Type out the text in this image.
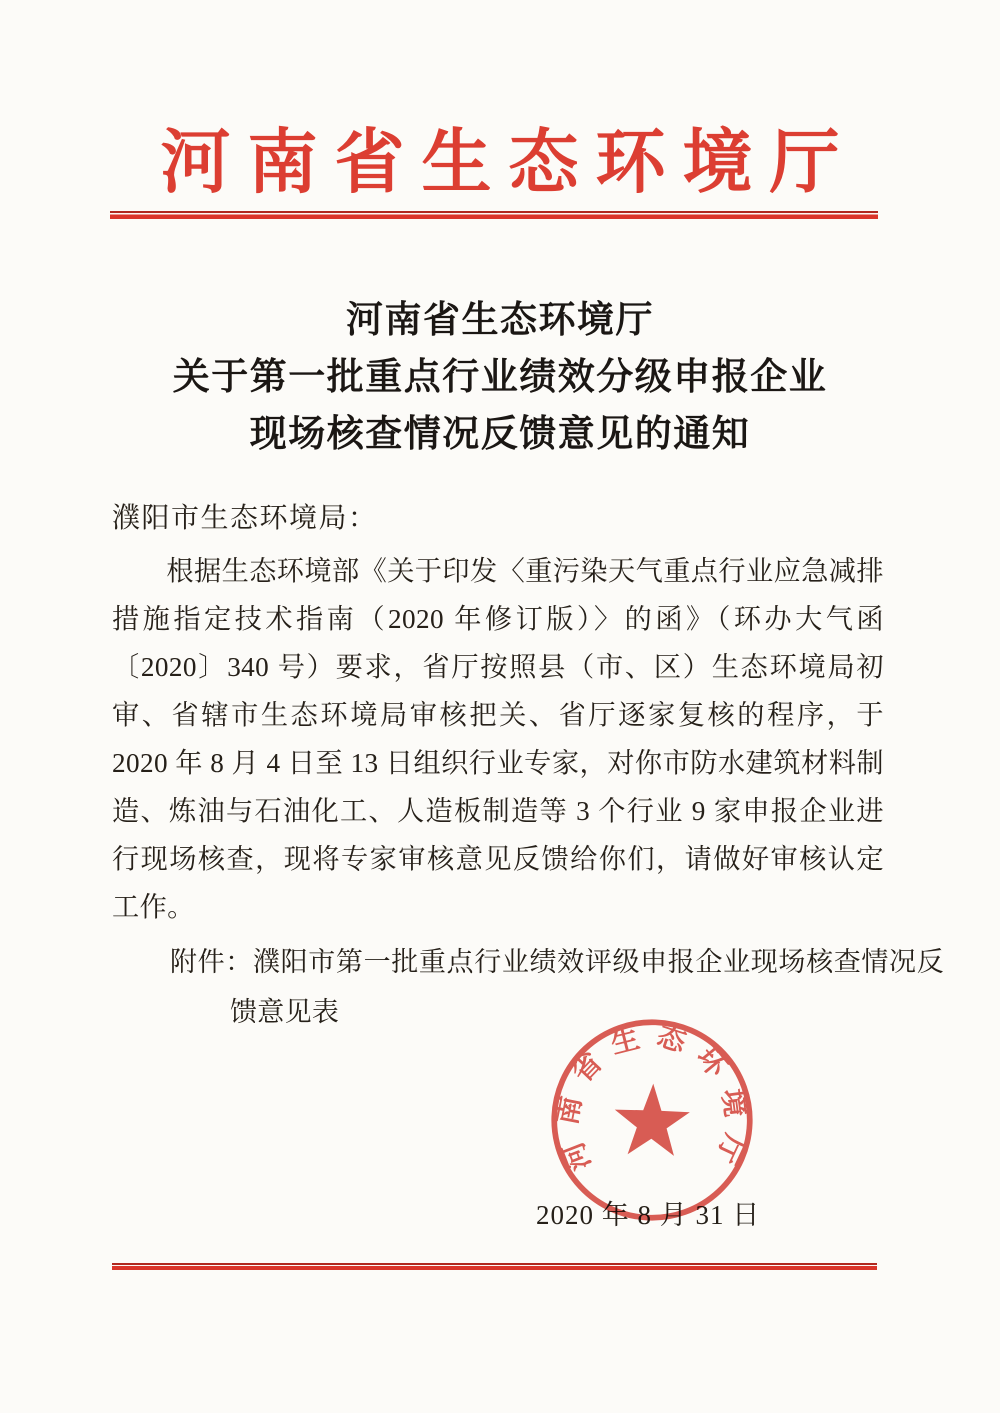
河南省生态环境厅
河南省生态环境厅
关于第一批重点行业绩效分级申报企业
现场核查情况反馈意见的通知
濮阳市生态环境局：

根据生态环境部《关于印发〈重污染天气重点行业应急减排措施指定技术指南（2020 年修订版）〉的函》（环办大气函〔2020〕340 号）要求，省厅按照县（市、区）生态环境局初审、省辖市生态环境局审核把关、省厅逐家复核的程序，于 2020 年 8 月 4 日至 13 日组织行业专家，对你市防水建筑材料制造、炼油与石油化工、人造板制造等 3 个行业 9 家申报企业进行现场核查，现将专家审核意见反馈给你们，请做好审核认定工作。

附件：濮阳市第一批重点行业绩效评级申报企业现场核查情况反馈意见表
2020 年 8 月 31 日
河南省生态环境厅
